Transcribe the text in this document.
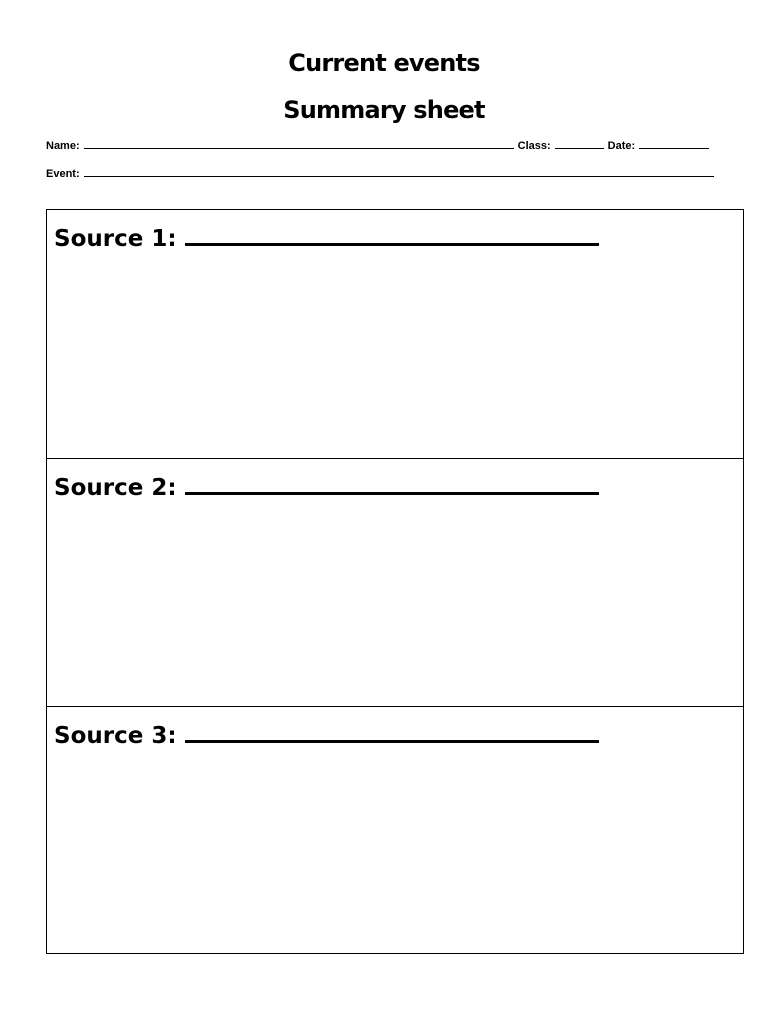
Current events
Summary sheet
Name:	Class:	Date:
Event:
Source 1:
Source 2:
Source 3:
